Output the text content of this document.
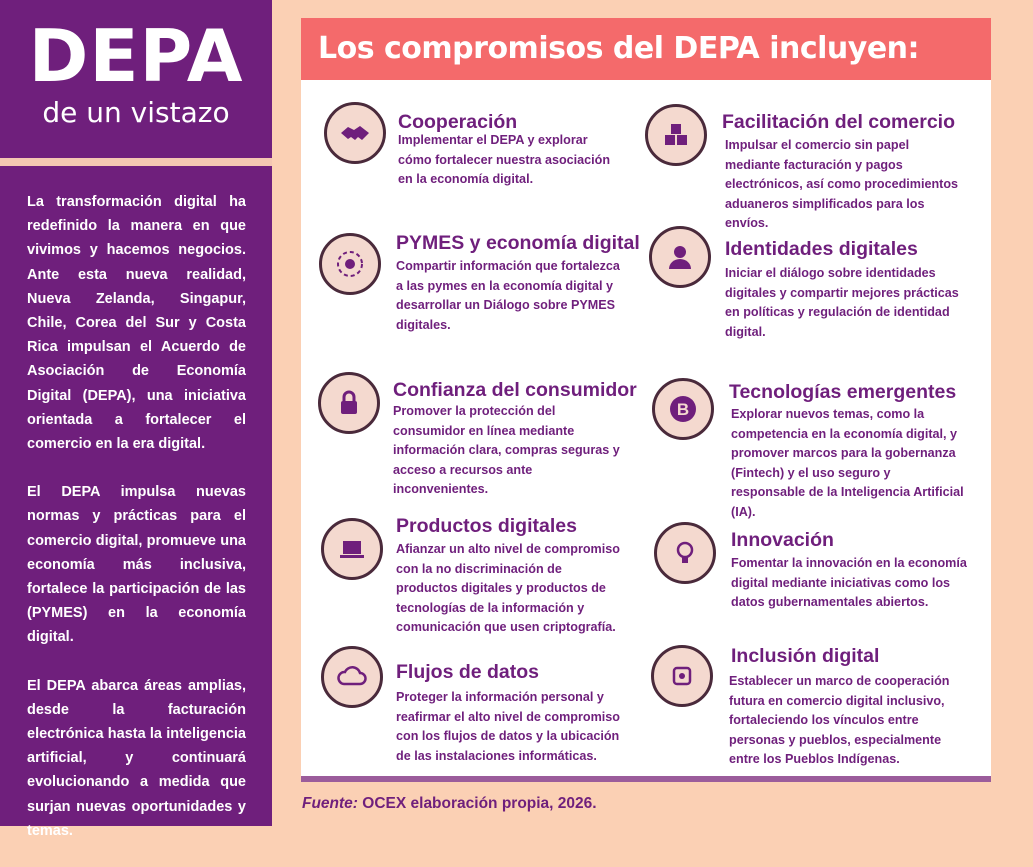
DEPA
de un vistazo

La transformación digital ha redefinido la manera en que vivimos y hacemos negocios. Ante esta nueva realidad, Nueva Zelanda, Singapur, Chile, Corea del Sur y Costa Rica impulsan el Acuerdo de Asociación de Economía Digital (DEPA), una iniciativa orientada a fortalecer el comercio en la era digital.

El DEPA impulsa nuevas normas y prácticas para el comercio digital, promueve una economía más inclusiva, fortalece la participación de las (PYMES) en la economía digital.

El DEPA abarca áreas amplias, desde la facturación electrónica hasta la inteligencia artificial, y continuará evolucionando a medida que surjan nuevas oportunidades y temas.

Los compromisos del DEPA incluyen:
Cooperación
Implementar el DEPA y explorar cómo fortalecer nuestra asociación en la economía digital.
PYMES y economía digital
Compartir información que fortalezca a las pymes en la economía digital y desarrollar un Diálogo sobre PYMES digitales.
Confianza del consumidor
Promover la protección del consumidor en línea mediante información clara, compras seguras y acceso a recursos ante inconvenientes.
Productos digitales
Afianzar un alto nivel de compromiso con la no discriminación de productos digitales y productos de tecnologías de la información y comunicación que usen criptografía.
Flujos de datos
Proteger la información personal y reafirmar el alto nivel de compromiso con los flujos de datos y la ubicación de las instalaciones informáticas.
Facilitación del comercio
Impulsar el comercio sin papel mediante facturación y pagos electrónicos, así como procedimientos aduaneros simplificados para los envíos.
Identidades digitales
Iniciar el diálogo sobre identidades digitales y compartir mejores prácticas en políticas y regulación de identidad digital.
B
Tecnologías emergentes
Explorar nuevos temas, como la competencia en la economía digital, y promover marcos para la gobernanza (Fintech) y el uso seguro y responsable de la Inteligencia Artificial (IA).
Innovación
Fomentar la innovación en la economía digital mediante iniciativas como los datos gubernamentales abiertos.
Inclusión digital
Establecer un marco de cooperación futura en comercio digital inclusivo, fortaleciendo los vínculos entre personas y pueblos, especialmente entre los Pueblos Indígenas.
Fuente: OCEX elaboración propia, 2026.
